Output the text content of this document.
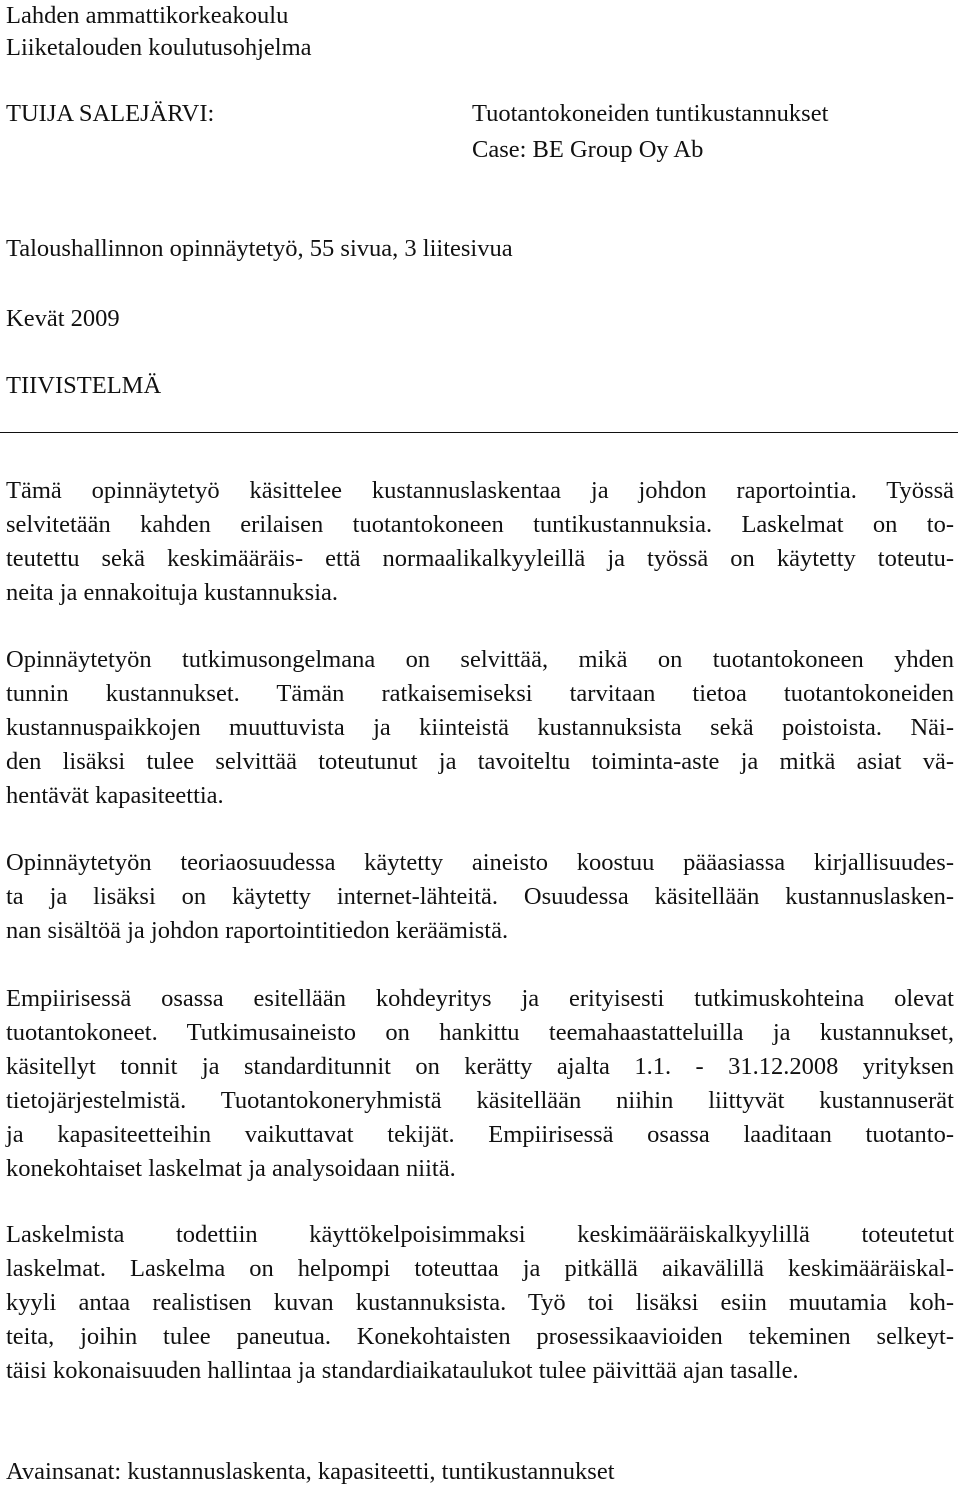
Lahden ammattikorkeakoulu
Liiketalouden koulutusohjelma
TUIJA SALEJÄRVI:	Tuotantokoneiden tuntikustannukset
Case: BE Group Oy Ab
Taloushallinnon opinnäytetyö, 55 sivua, 3 liitesivua
Kevät 2009
TIIVISTELMÄ
Tämä opinnäytetyö käsittelee kustannuslaskentaa ja johdon raportointia. Työssä
selvitetään kahden erilaisen tuotantokoneen tuntikustannuksia. Laskelmat on to-
teutettu sekä keskimääräis- että normaalikalkyyleillä ja työssä on käytetty toteutu-
neita ja ennakoituja kustannuksia.
Opinnäytetyön tutkimusongelmana on selvittää, mikä on tuotantokoneen yhden
tunnin kustannukset. Tämän ratkaisemiseksi tarvitaan tietoa tuotantokoneiden
kustannuspaikkojen muuttuvista ja kiinteistä kustannuksista sekä poistoista. Näi-
den lisäksi tulee selvittää toteutunut ja tavoiteltu toiminta-aste ja mitkä asiat vä-
hentävät kapasiteettia.
Opinnäytetyön teoriaosuudessa käytetty aineisto koostuu pääasiassa kirjallisuudes-
ta ja lisäksi on käytetty internet-lähteitä. Osuudessa käsitellään kustannuslasken-
nan sisältöä ja johdon raportointitiedon keräämistä.
Empiirisessä osassa esitellään kohdeyritys ja erityisesti tutkimuskohteina olevat
tuotantokoneet. Tutkimusaineisto on hankittu teemahaastatteluilla ja kustannukset,
käsitellyt tonnit ja standarditunnit on kerätty ajalta 1.1. - 31.12.2008 yrityksen
tietojärjestelmistä. Tuotantokoneryhmistä käsitellään niihin liittyvät kustannuserät
ja kapasiteetteihin vaikuttavat tekijät. Empiirisessä osassa laaditaan tuotanto-
konekohtaiset laskelmat ja analysoidaan niitä.
Laskelmista todettiin käyttökelpoisimmaksi keskimääräiskalkyylillä toteutetut
laskelmat. Laskelma on helpompi toteuttaa ja pitkällä aikavälillä keskimääräiskal-
kyyli antaa realistisen kuvan kustannuksista. Työ toi lisäksi esiin muutamia koh-
teita, joihin tulee paneutua. Konekohtaisten prosessikaavioiden tekeminen selkeyt-
täisi kokonaisuuden hallintaa ja standardiaikataulukot tulee päivittää ajan tasalle.
Avainsanat: kustannuslaskenta, kapasiteetti, tuntikustannukset
